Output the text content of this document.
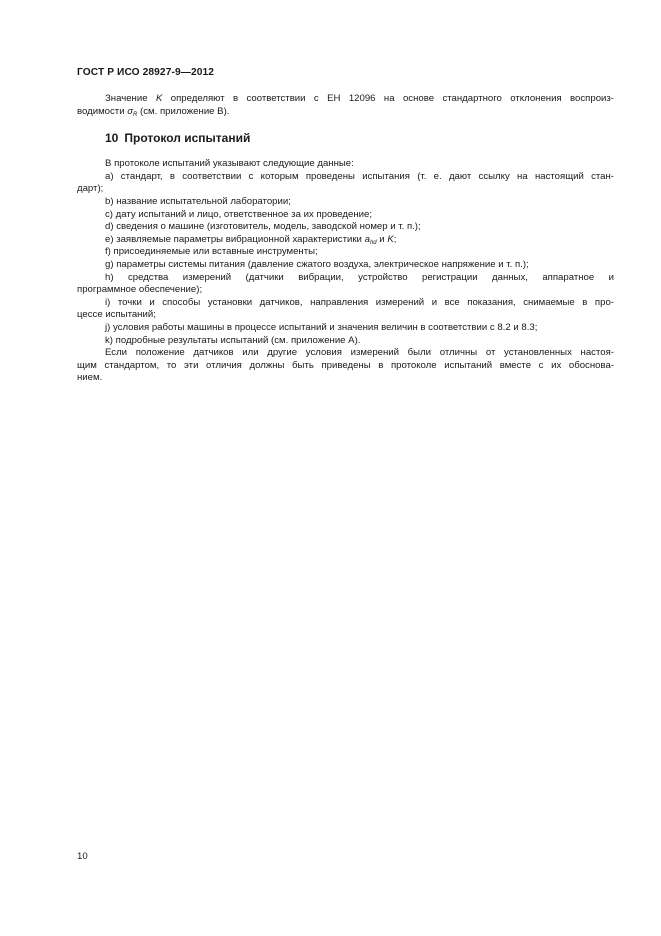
ГОСТ Р ИСО 28927-9—2012

Значение K определяют в соответствии с ЕН 12096 на основе стандартного отклонения воспроиз-

водимости $\sigma_R$ (см. приложение В).

10 Протокол испытаний

В протоколе испытаний указывают следующие данные:

a) стандарт, в соответствии с которым проведены испытания (т. е. дают ссылку на настоящий стан-

дарт);

b) название испытательной лаборатории;

c) дату испытаний и лицо, ответственное за их проведение;

d) сведения о машине (изготовитель, модель, заводской номер и т. п.);

e) заявляемые параметры вибрационной характеристики $a_{hd}$ и K;

f) присоединяемые или вставные инструменты;

g) параметры системы питания (давление сжатого воздуха, электрическое напряжение и т. п.);

h) средства измерений (датчики вибрации, устройство регистрации данных, аппаратное и

программное обеспечение);

i) точки и способы установки датчиков, направления измерений и все показания, снимаемые в про-

цессе испытаний;

j) условия работы машины в процессе испытаний и значения величин в соответствии с 8.2 и 8.3;

k) подробные результаты испытаний (см. приложение А).

Если положение датчиков или другие условия измерений были отличны от установленных настоя-

щим стандартом, то эти отличия должны быть приведены в протоколе испытаний вместе с их обоснова-

нием.

10
